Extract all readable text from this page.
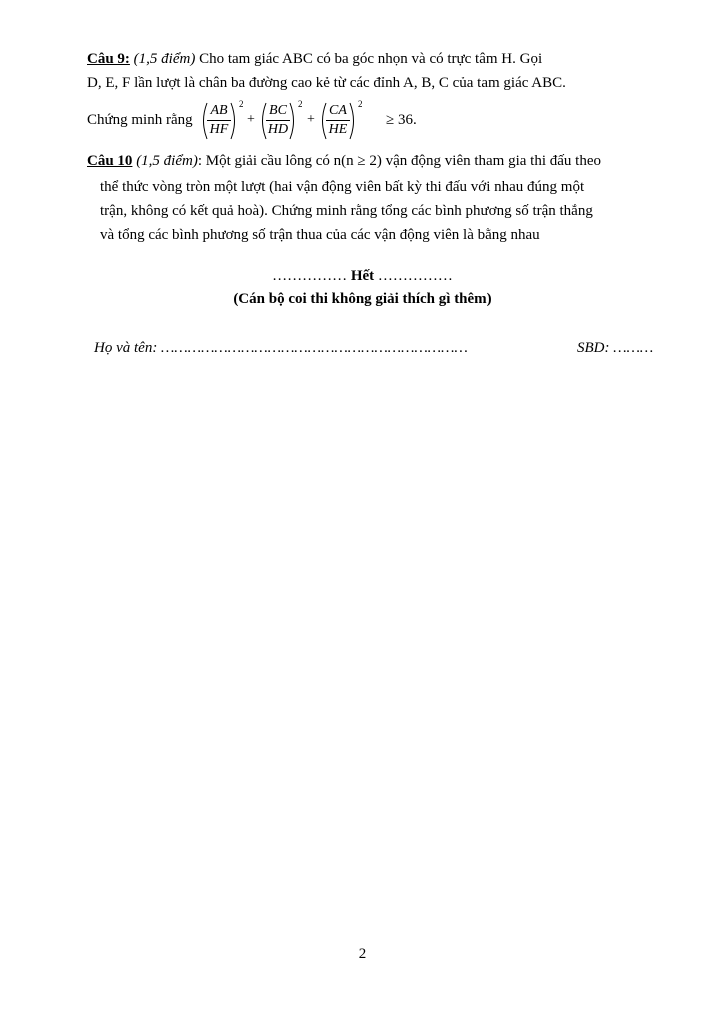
Câu 9: (1,5 điểm) Cho tam giác ABC có ba góc nhọn và có trực tâm H. Gọi
D, E, F lần lượt là chân ba đường cao kẻ từ các đỉnh A, B, C của tam giác ABC.
Chứng minh rằng
AB
HF
2
+
BC
HD
2
+
CA
HE
2
≥ 36.
Câu 10 (1,5 điểm): Một giải cầu lông có n(n ≥ 2) vận động viên tham gia thi đấu theo
thể thức vòng tròn một lượt (hai vận động viên bất kỳ thi đấu với nhau đúng một
trận, không có kết quả hoà). Chứng minh rằng tổng các bình phương số trận thắng
và tổng các bình phương số trận thua của các vận động viên là bằng nhau
…………… Hết ……………
(Cán bộ coi thi không giải thích gì thêm)
Họ và tên: ……………………………………………………………	SBD: ………
2
